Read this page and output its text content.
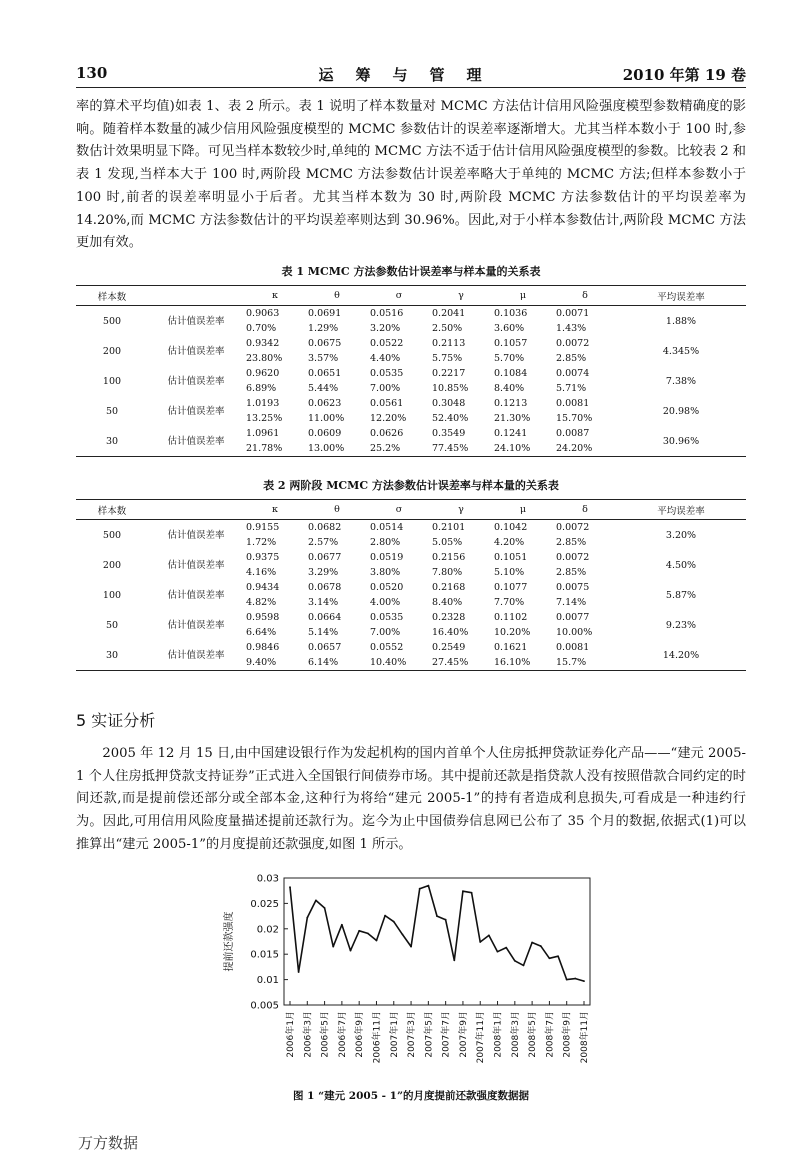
130	运筹与管理	2010 年第 19 卷

率的算术平均值)如表 1、表 2 所示。表 1 说明了样本数量对 MCMC 方法估计信用风险强度模型参数精确度的影响。随着样本数量的减少信用风险强度模型的 MCMC 参数估计的误差率逐渐增大。尤其当样本数小于 100 时,参数估计效果明显下降。可见当样本数较少时,单纯的 MCMC 方法不适于估计信用风险强度模型的参数。比较表 2 和表 1 发现,当样本大于 100 时,两阶段 MCMC 方法参数估计误差率略大于单纯的 MCMC 方法;但样本参数小于 100 时,前者的误差率明显小于后者。尤其当样本数为 30 时,两阶段 MCMC 方法参数估计的平均误差率为 14.20%,而 MCMC 方法参数估计的平均误差率则达到 30.96%。因此,对于小样本参数估计,两阶段 MCMC 方法更加有效。

表 1 MCMC 方法参数估计误差率与样本量的关系表
样本数		κ	θ	σ	γ	μ	δ	平均误差率
500	估计值误差率	0.9063	0.0691	0.0516	0.2041	0.1036	0.0071	1.88%
		0.70%	1.29%	3.20%	2.50%	3.60%	1.43%	
200	估计值误差率	0.9342	0.0675	0.0522	0.2113	0.1057	0.0072	4.345%
		23.80%	3.57%	4.40%	5.75%	5.70%	2.85%	
100	估计值误差率	0.9620	0.0651	0.0535	0.2217	0.1084	0.0074	7.38%
		6.89%	5.44%	7.00%	10.85%	8.40%	5.71%	
50	估计值误差率	1.0193	0.0623	0.0561	0.3048	0.1213	0.0081	20.98%
		13.25%	11.00%	12.20%	52.40%	21.30%	15.70%	
30	估计值误差率	1.0961	0.0609	0.0626	0.3549	0.1241	0.0087	30.96%
		21.78%	13.00%	25.2%	77.45%	24.10%	24.20%	
表 2 两阶段 MCMC 方法参数估计误差率与样本量的关系表
样本数		κ	θ	σ	γ	μ	δ	平均误差率
500	估计值误差率	0.9155	0.0682	0.0514	0.2101	0.1042	0.0072	3.20%
		1.72%	2.57%	2.80%	5.05%	4.20%	2.85%	
200	估计值误差率	0.9375	0.0677	0.0519	0.2156	0.1051	0.0072	4.50%
		4.16%	3.29%	3.80%	7.80%	5.10%	2.85%	
100	估计值误差率	0.9434	0.0678	0.0520	0.2168	0.1077	0.0075	5.87%
		4.82%	3.14%	4.00%	8.40%	7.70%	7.14%	
50	估计值误差率	0.9598	0.0664	0.0535	0.2328	0.1102	0.0077	9.23%
		6.64%	5.14%	7.00%	16.40%	10.20%	10.00%	
30	估计值误差率	0.9846	0.0657	0.0552	0.2549	0.1621	0.0081	14.20%
		9.40%	6.14%	10.40%	27.45%	16.10%	15.7%	
5 实证分析

2005 年 12 月 15 日,由中国建设银行作为发起机构的国内首单个人住房抵押贷款证券化产品——“建元 2005-1 个人住房抵押贷款支持证券”正式进入全国银行间债券市场。其中提前还款是指贷款人没有按照借款合同约定的时间还款,而是提前偿还部分或全部本金,这种行为将给“建元 2005-1”的持有者造成利息损失,可看成是一种违约行为。因此,可用信用风险度量描述提前还款行为。迄今为止中国债券信息网已公布了 35 个月的数据,依据式(1)可以推算出“建元 2005-1”的月度提前还款强度,如图 1 所示。

0.03
0.025
0.02
0.015
0.01
0.005
提前还款强度
2006年1月 2006年3月 2006年5月 2006年7月 2006年9月 2006年11月 2007年1月 2007年3月 2007年5月 2007年7月 2007年9月 2007年11月 2008年1月 2008年3月 2008年5月 2008年7月 2008年9月 2008年11月
图 1 “建元 2005 - 1”的月度提前还款强度数据据
万方数据
